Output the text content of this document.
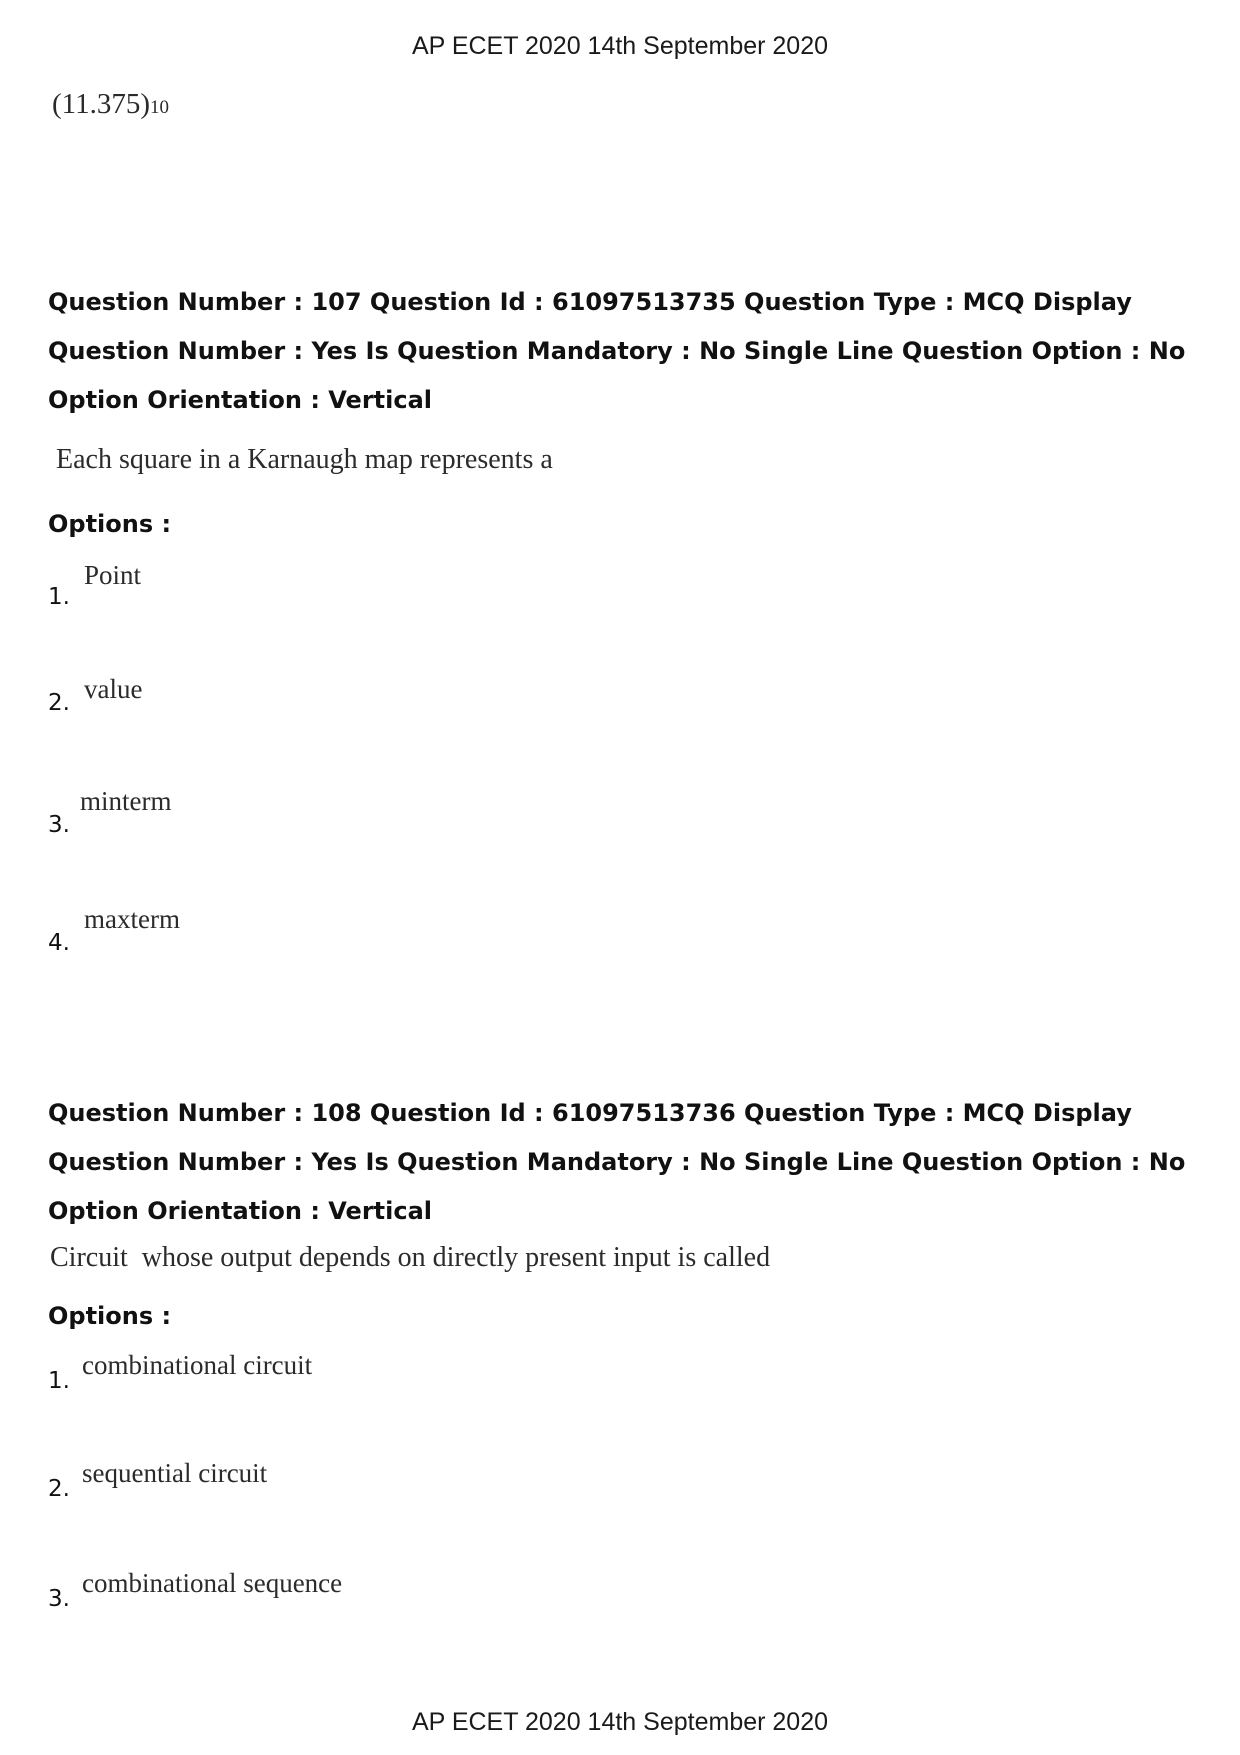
AP ECET 2020 14th September 2020
(11.375)10
Question Number : 107 Question Id : 61097513735 Question Type : MCQ Display Question Number : Yes Is Question Mandatory : No Single Line Question Option : No Option Orientation : Vertical
Each square in a Karnaugh map represents a
Options :
1.
Point
2. value
3.
minterm
4.
maxterm
Question Number : 108 Question Id : 61097513736 Question Type : MCQ Display Question Number : Yes Is Question Mandatory : No Single Line Question Option : No Option Orientation : Vertical
Circuit  whose output depends on directly present input is called
Options :
1.
combinational circuit
2.
sequential circuit
3.
combinational sequence
AP ECET 2020 14th September 2020
